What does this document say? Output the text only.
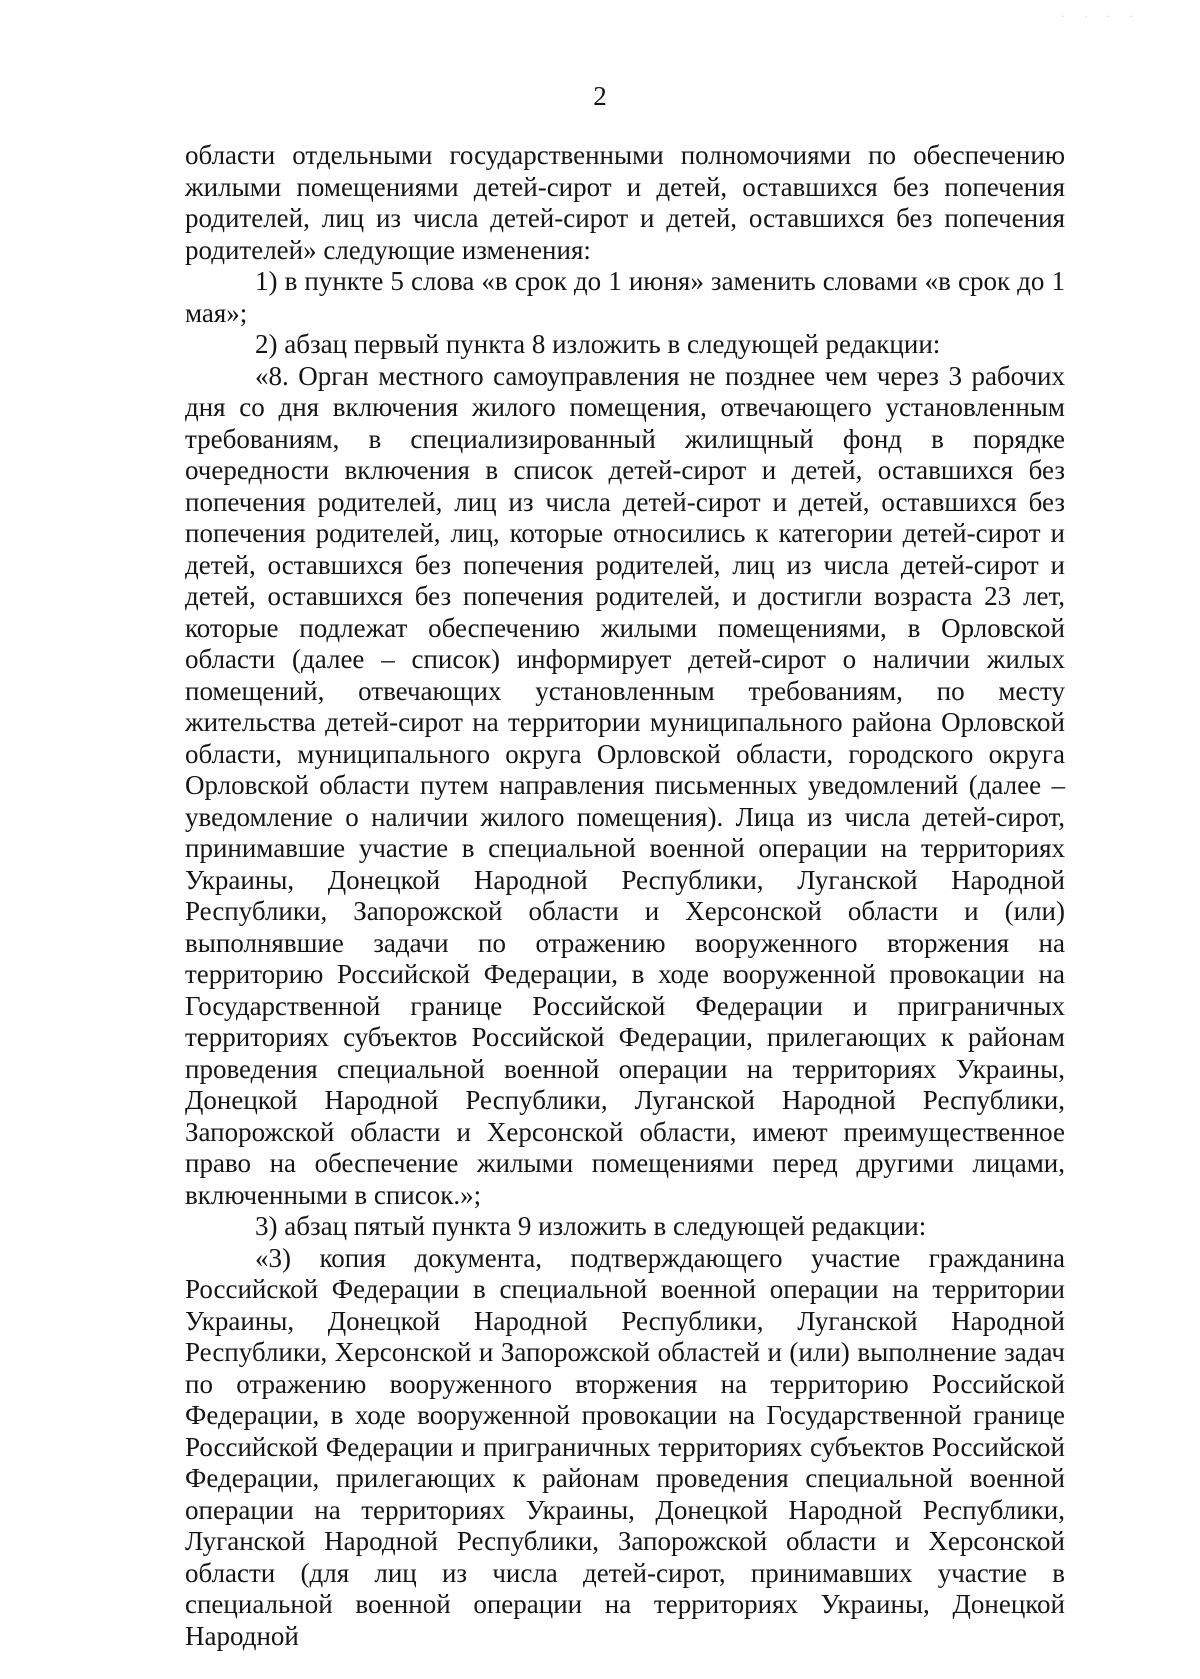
· · · ·
2

области отдельными государственными полномочиями по обеспечению жилыми помещениями детей-сирот и детей, оставшихся без попечения родителей, лиц из числа детей-сирот и детей, оставшихся без попечения родителей» следующие изменения:

1) в пункте 5 слова «в срок до 1 июня» заменить словами «в срок до 1 мая»;

2) абзац первый пункта 8 изложить в следующей редакции:

«8. Орган местного самоуправления не позднее чем через 3 рабочих дня со дня включения жилого помещения, отвечающего установленным требованиям, в специализированный жилищный фонд в порядке очередности включения в список детей-сирот и детей, оставшихся без попечения родителей, лиц из числа детей-сирот и детей, оставшихся без попечения родителей, лиц, которые относились к категории детей-сирот и детей, оставшихся без попечения родителей, лиц из числа детей-сирот и детей, оставшихся без попечения родителей, и достигли возраста 23 лет, которые подлежат обеспечению жилыми помещениями, в Орловской области (далее – список) информирует детей-сирот о наличии жилых помещений, отвечающих установленным требованиям, по месту жительства детей-сирот на территории муниципального района Орловской области, муниципального округа Орловской области, городского округа Орловской области путем направления письменных уведомлений (далее – уведомление о наличии жилого помещения). Лица из числа детей-сирот, принимавшие участие в специальной военной операции на территориях Украины, Донецкой Народной Республики, Луганской Народной Республики, Запорожской области и Херсонской области и (или) выполнявшие задачи по отражению вооруженного вторжения на территорию Российской Федерации, в ходе вооруженной провокации на Государственной границе Российской Федерации и приграничных территориях субъектов Российской Федерации, прилегающих к районам проведения специальной военной операции на территориях Украины, Донецкой Народной Республики, Луганской Народной Республики, Запорожской области и Херсонской области, имеют преимущественное право на обеспечение жилыми помещениями перед другими лицами, включенными в список.»;

3) абзац пятый пункта 9 изложить в следующей редакции:

«3) копия документа, подтверждающего участие гражданина Российской Федерации в специальной военной операции на территории Украины, Донецкой Народной Республики, Луганской Народной Республики, Херсонской и Запорожской областей и (или) выполнение задач по отражению вооруженного вторжения на территорию Российской Федерации, в ходе вооруженной провокации на Государственной границе Российской Федерации и приграничных территориях субъектов Российской Федерации, прилегающих к районам проведения специальной военной операции на территориях Украины, Донецкой Народной Республики, Луганской Народной Республики, Запорожской области и Херсонской области (для лиц из числа детей-сирот, принимавших участие в специальной военной операции на территориях Украины, Донецкой Народной
